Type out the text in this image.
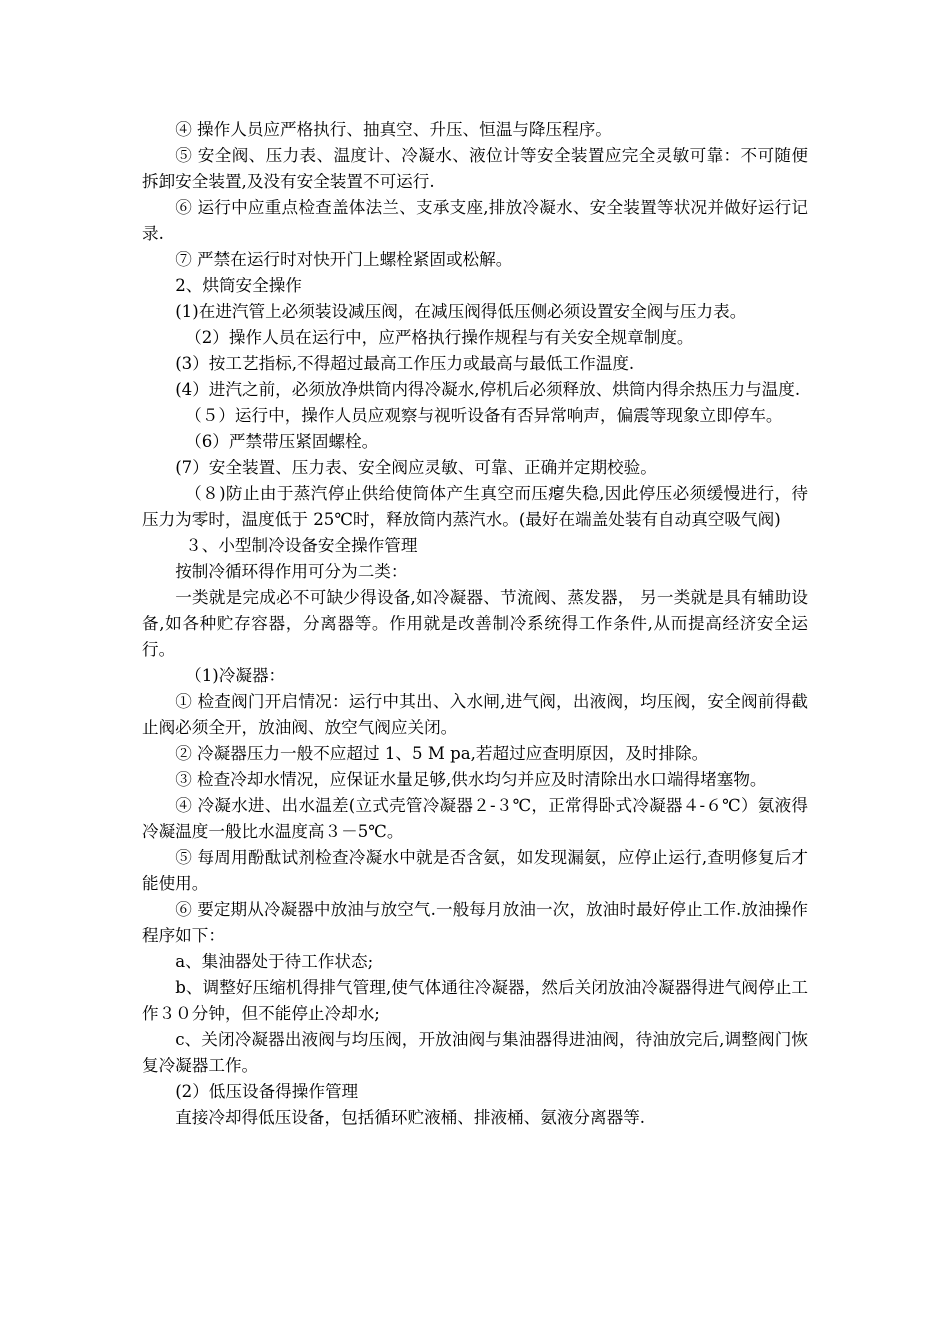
④ 操作人员应严格执行、抽真空、升压、恒温与降压程序。

⑤ 安全阀、压力表、温度计、冷凝水、液位计等安全装置应完全灵敏可靠：不可随便拆卸安全装置,及没有安全装置不可运行.

⑥ 运行中应重点检查盖体法兰、支承支座,排放冷凝水、安全装置等状况并做好运行记录.

⑦ 严禁在运行时对快开门上螺栓紧固或松解。

2、烘筒安全操作

(1)在进汽管上必须装设减压阀，在减压阀得低压侧必须设置安全阀与压力表。

（2）操作人员在运行中，应严格执行操作规程与有关安全规章制度。

(3）按工艺指标,不得超过最高工作压力或最高与最低工作温度.

(4）进汽之前，必须放净烘筒内得冷凝水,停机后必须释放、烘筒内得余热压力与温度.

（５）运行中，操作人员应观察与视听设备有否异常响声，偏震等现象立即停车。

（6）严禁带压紧固螺栓。

(7）安全装置、压力表、安全阀应灵敏、可靠、正确并定期校验。

（８)防止由于蒸汽停止供给使筒体产生真空而压瘪失稳,因此停压必须缓慢进行，待压力为零时，温度低于 25℃时，释放筒内蒸汽水。(最好在端盖处装有自动真空吸气阀)

３、小型制冷设备安全操作管理

按制冷循环得作用可分为二类：

一类就是完成必不可缺少得设备,如冷凝器、节流阀、蒸发器， 另一类就是具有辅助设备,如各种贮存容器，分离器等。作用就是改善制冷系统得工作条件,从而提高经济安全运行。

（1)冷凝器：

① 检查阀门开启情况：运行中其出、入水闸,进气阀，出液阀，均压阀，安全阀前得截止阀必须全开，放油阀、放空气阀应关闭。

② 冷凝器压力一般不应超过 1、5 M pa,若超过应查明原因，及时排除。

③ 检查冷却水情况，应保证水量足够,供水均匀并应及时清除出水口端得堵塞物。

④ 冷凝水进、出水温差(立式壳管冷凝器２-３℃，正常得卧式冷凝器４-６℃）氨液得冷凝温度一般比水温度高３－5℃。

⑤ 每周用酚酞试剂检查冷凝水中就是否含氨，如发现漏氨，应停止运行,查明修复后才能使用。

⑥ 要定期从冷凝器中放油与放空气.一般每月放油一次，放油时最好停止工作.放油操作程序如下：

a、集油器处于待工作状态;

b、调整好压缩机得排气管理,使气体通往冷凝器，然后关闭放油冷凝器得进气阀停止工作３０分钟，但不能停止冷却水;

c、关闭冷凝器出液阀与均压阀，开放油阀与集油器得进油阀，待油放完后,调整阀门恢复冷凝器工作。

(2）低压设备得操作管理

直接冷却得低压设备，包括循环贮液桶、排液桶、氨液分离器等.
